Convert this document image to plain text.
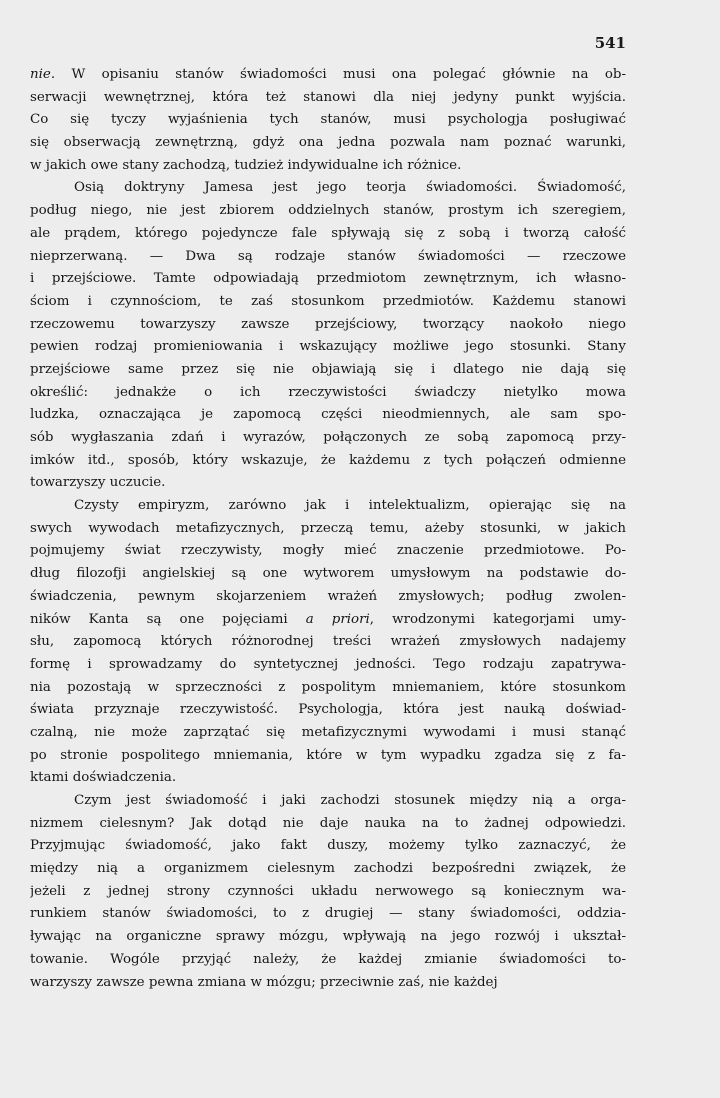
541
nie. W opisaniu stanów świadomości musi ona polegać głównie na ob-
serwacji wewnętrznej, która też stanowi dla niej jedyny punkt wyjścia.
Co się tyczy wyjaśnienia tych stanów, musi psychologja posługiwać
się obserwacją zewnętrzną, gdyż ona jedna pozwala nam poznać warunki,
w jakich owe stany zachodzą, tudzież indywidualne ich różnice.
Osią doktryny Jamesa jest jego teorja świadomości. Świadomość,
podług niego, nie jest zbiorem oddzielnych stanów, prostym ich szeregiem,
ale prądem, którego pojedyncze fale spływają się z sobą i tworzą całość
nieprzerwaną. — Dwa są rodzaje stanów świadomości — rzeczowe
i przejściowe. Tamte odpowiadają przedmiotom zewnętrznym, ich własno-
ściom i czynnościom, te zaś stosunkom przedmiotów. Każdemu stanowi
rzeczowemu towarzyszy zawsze przejściowy, tworzący naokoło niego
pewien rodzaj promieniowania i wskazujący możliwe jego stosunki. Stany
przejściowe same przez się nie objawiają się i dlatego nie dają się
określić: jednakże o ich rzeczywistości świadczy nietylko mowa
ludzka, oznaczająca je zapomocą części nieodmiennych, ale sam spo-
sób wygłaszania zdań i wyrazów, połączonych ze sobą zapomocą przy-
imków itd., sposób, który wskazuje, że każdemu z tych połączeń odmienne
towarzyszy uczucie.
Czysty empiryzm, zarówno jak i intelektualizm, opierając się na
swych wywodach metafizycznych, przeczą temu, ażeby stosunki, w jakich
pojmujemy świat rzeczywisty, mogły mieć znaczenie przedmiotowe. Po-
dług filozofji angielskiej są one wytworem umysłowym na podstawie do-
świadczenia, pewnym skojarzeniem wrażeń zmysłowych; podług zwolen-
ników Kanta są one pojęciami a priori, wrodzonymi kategorjami umy-
słu, zapomocą których różnorodnej treści wrażeń zmysłowych nadajemy
formę i sprowadzamy do syntetycznej jedności. Tego rodzaju zapatrywa-
nia pozostają w sprzeczności z pospolitym mniemaniem, które stosunkom
świata przyznaje rzeczywistość. Psychologja, która jest nauką doświad-
czalną, nie może zaprzątać się metafizycznymi wywodami i musi stanąć
po stronie pospolitego mniemania, które w tym wypadku zgadza się z fa-
ktami doświadczenia.
Czym jest świadomość i jaki zachodzi stosunek między nią a orga-
nizmem cielesnym? Jak dotąd nie daje nauka na to żadnej odpowiedzi.
Przyjmując świadomość, jako fakt duszy, możemy tylko zaznaczyć, że
między nią a organizmem cielesnym zachodzi bezpośredni związek, że
jeżeli z jednej strony czynności układu nerwowego są koniecznym wa-
runkiem stanów świadomości, to z drugiej — stany świadomości, oddzia-
ływając na organiczne sprawy mózgu, wpływają na jego rozwój i ukształ-
towanie. Wogóle przyjąć należy, że każdej zmianie świadomości to-
warzyszy zawsze pewna zmiana w mózgu; przeciwnie zaś, nie każdej
